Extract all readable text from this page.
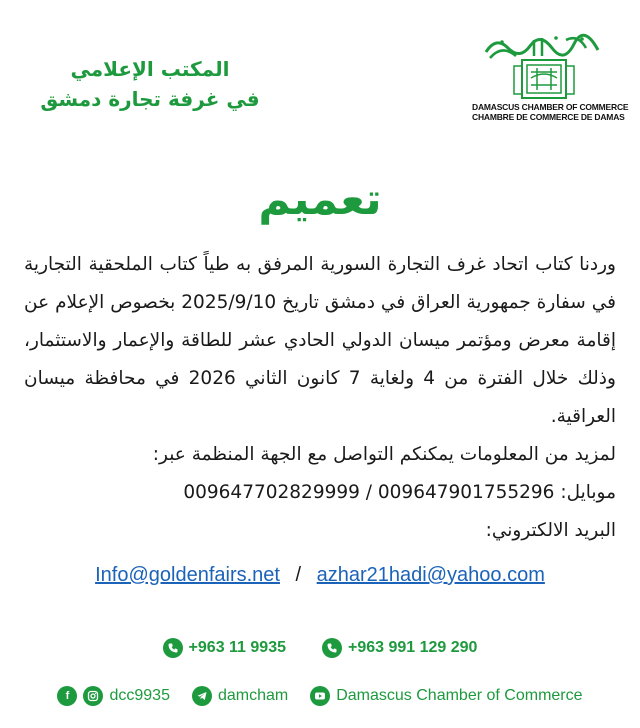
المكتب الإعلامي
في غرفة تجارة دمشق	DAMASCUS CHAMBER OF COMMERCE
CHAMBRE DE COMMERCE DE DAMAS
تعميم

وردنا كتاب اتحاد غرف التجارة السورية المرفق به طياً كتاب الملحقية التجارية
في سفارة جمهورية العراق في دمشق تاريخ 2025/9/10 بخصوص الإعلام عن
إقامة معرض ومؤتمر ميسان الدولي الحادي عشر للطاقة والإعمار والاستثمار،
وذلك خلال الفترة من 4 ولغاية 7 كانون الثاني 2026 في محافظة ميسان
العراقية.

لمزيد من المعلومات يمكنكم التواصل مع الجهة المنظمة عبر:

موبايل: 009647702829999 / 009647901755296

البريد الالكتروني:

Info@goldenfairs.net / azhar21hadi@yahoo.com
+963 11 9935	+963 991 129 290
f	dcc9935	damcham	Damascus Chamber of Commerce
